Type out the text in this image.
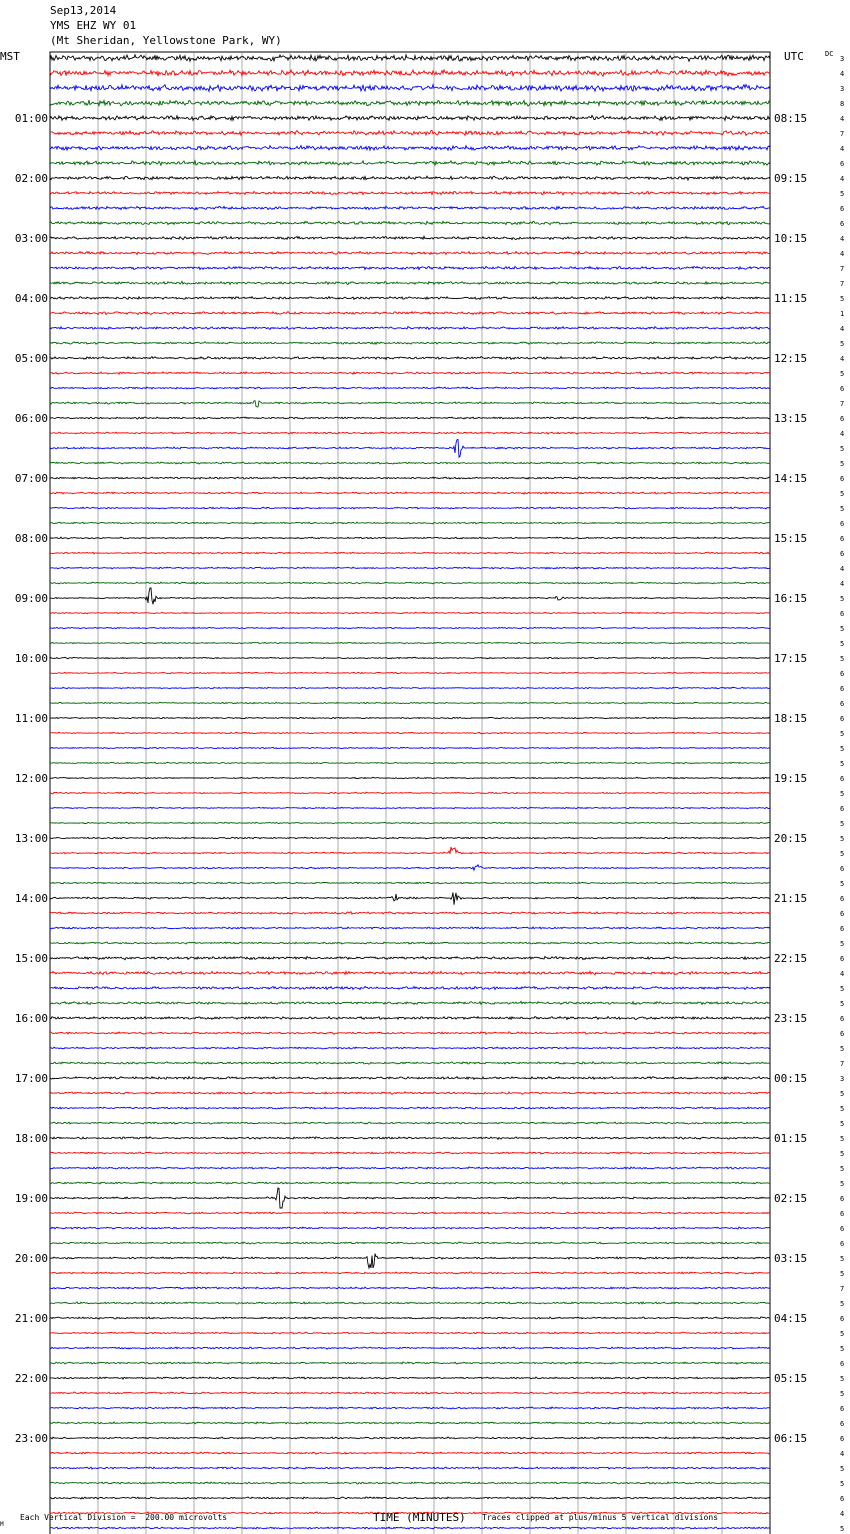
Sep13,2014
YMS EHZ WY 01
(Mt Sheridan, Yellowstone Park, WY)
MST	UTC	DC
M
01:00
02:00
03:00
04:00
05:00
06:00
07:00
08:00
09:00
10:00
11:00
12:00
13:00
14:00
15:00
16:00
17:00
18:00
19:00
20:00
21:00
22:00
23:00
08:15
09:15
10:15
11:15
12:15
13:15
14:15
15:15
16:15
17:15
18:15
19:15
20:15
21:15
22:15
23:15
00:15
01:15
02:15
03:15
04:15
05:15
06:15
3
4
3
8
4
7
4
6
4
5
6
6
4
4
7
7
5
1
4
5
4
5
6
7
6
4
5
5
6
5
5
6
6
6
4
4
5
6
5
5
5
6
6
6
6
5
5
5
6
5
6
5
5
5
6
5
6
6
6
5
6
4
5
5
6
6
5
7
3
5
5
5
5
5
5
5
6
6
6
6
5
5
7
5
6
5
5
6
5
5
6
6
6
4
5
5
6
4
5
Each Vertical Division =  200.00 microvolts	TIME (MINUTES) Traces clipped at plus/minus 5 vertical divisions
